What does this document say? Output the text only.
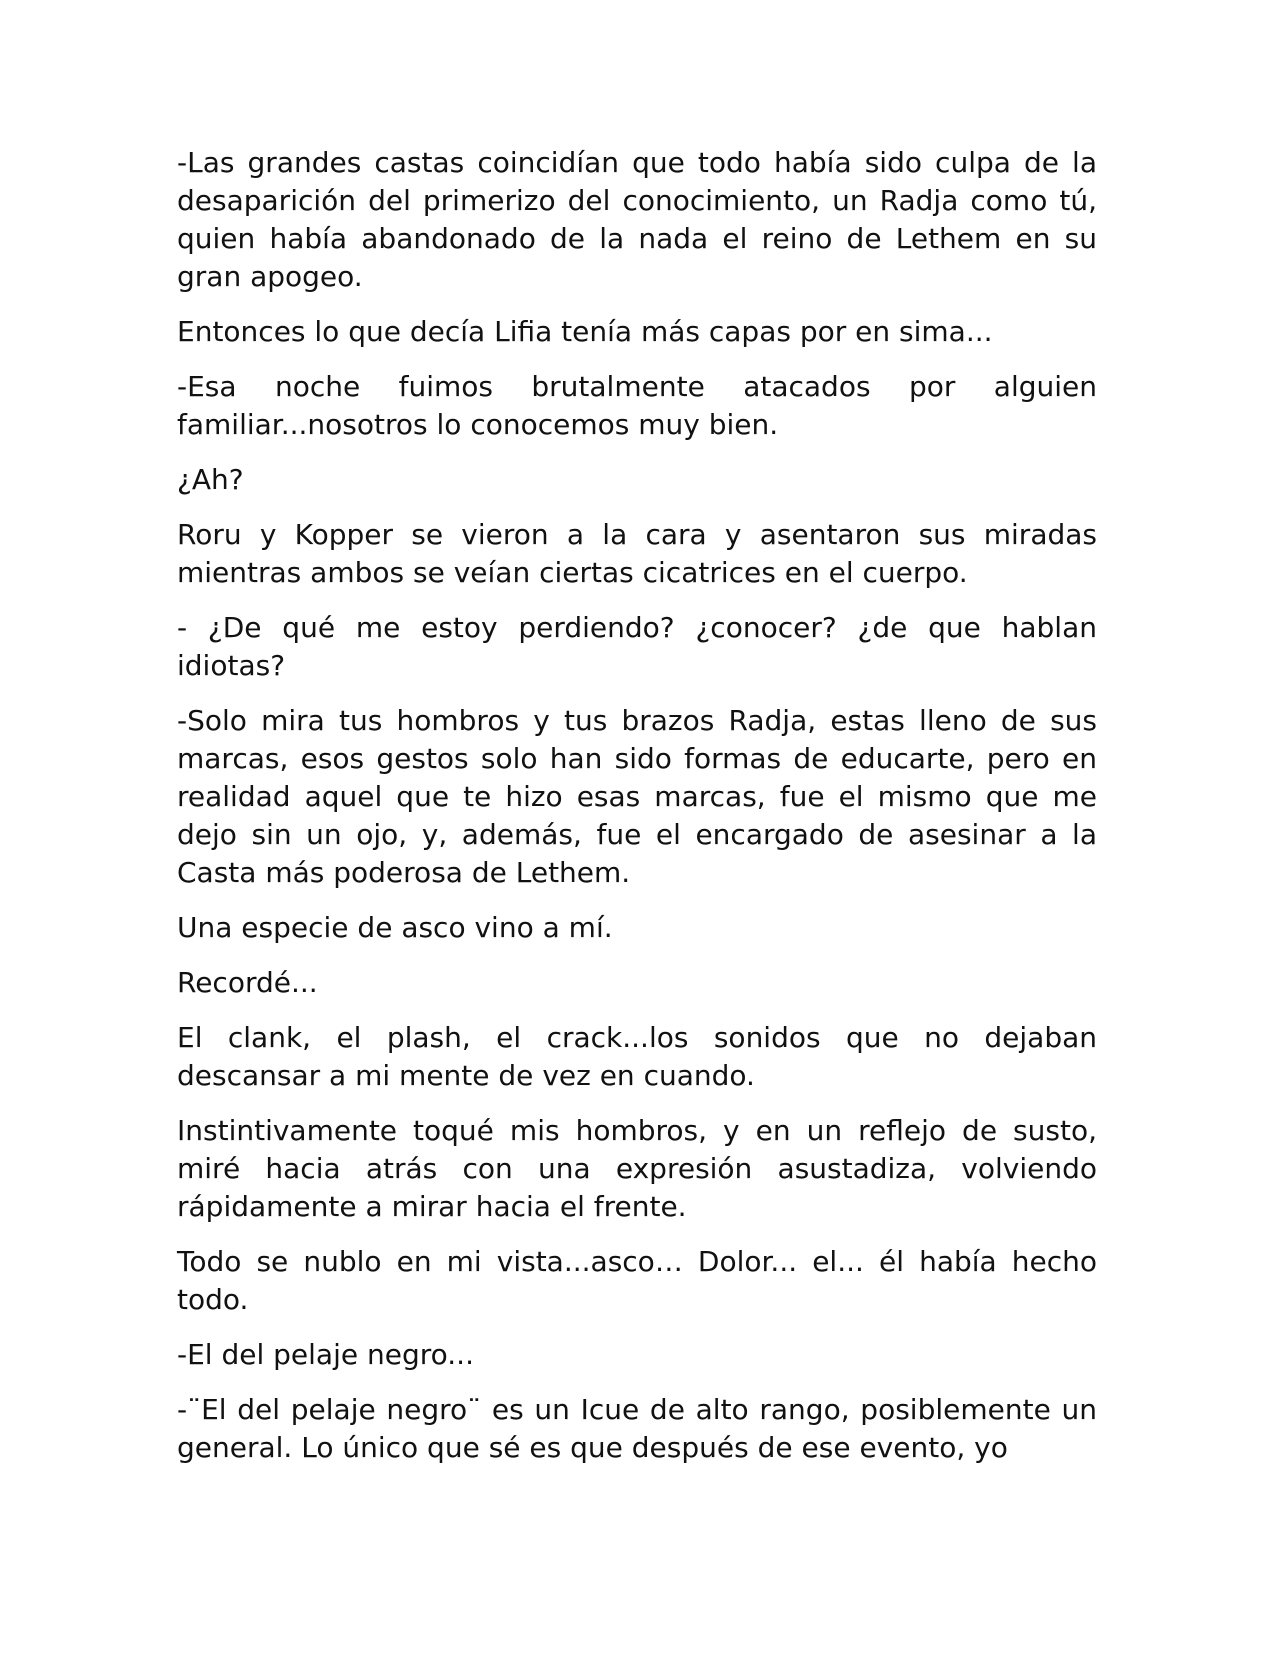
-Las grandes castas coincidían que todo había sido culpa de la desaparición del primerizo del conocimiento, un Radja como tú, quien había abandonado de la nada el reino de Lethem en su gran apogeo.

Entonces lo que decía Lifia tenía más capas por en sima...

-Esa noche fuimos brutalmente atacados por alguien familiar...nosotros lo conocemos muy bien.

¿Ah?

Roru y Kopper se vieron a la cara y asentaron sus miradas mientras ambos se veían ciertas cicatrices en el cuerpo.

- ¿De qué me estoy perdiendo? ¿conocer? ¿de que hablan idiotas?

-Solo mira tus hombros y tus brazos Radja, estas lleno de sus marcas, esos gestos solo han sido formas de educarte, pero en realidad aquel que te hizo esas marcas, fue el mismo que me dejo sin un ojo, y, además, fue el encargado de asesinar a la Casta más poderosa de Lethem.

Una especie de asco vino a mí.

Recordé...

El clank, el plash, el crack...los sonidos que no dejaban descansar a mi mente de vez en cuando.

Instintivamente toqué mis hombros, y en un reflejo de susto, miré hacia atrás con una expresión asustadiza, volviendo rápidamente a mirar hacia el frente.

Todo se nublo en mi vista...asco… Dolor... el... él había hecho todo.

-El del pelaje negro...

-¨El del pelaje negro¨ es un Icue de alto rango, posiblemente un general. Lo único que sé es que después de ese evento, yo
